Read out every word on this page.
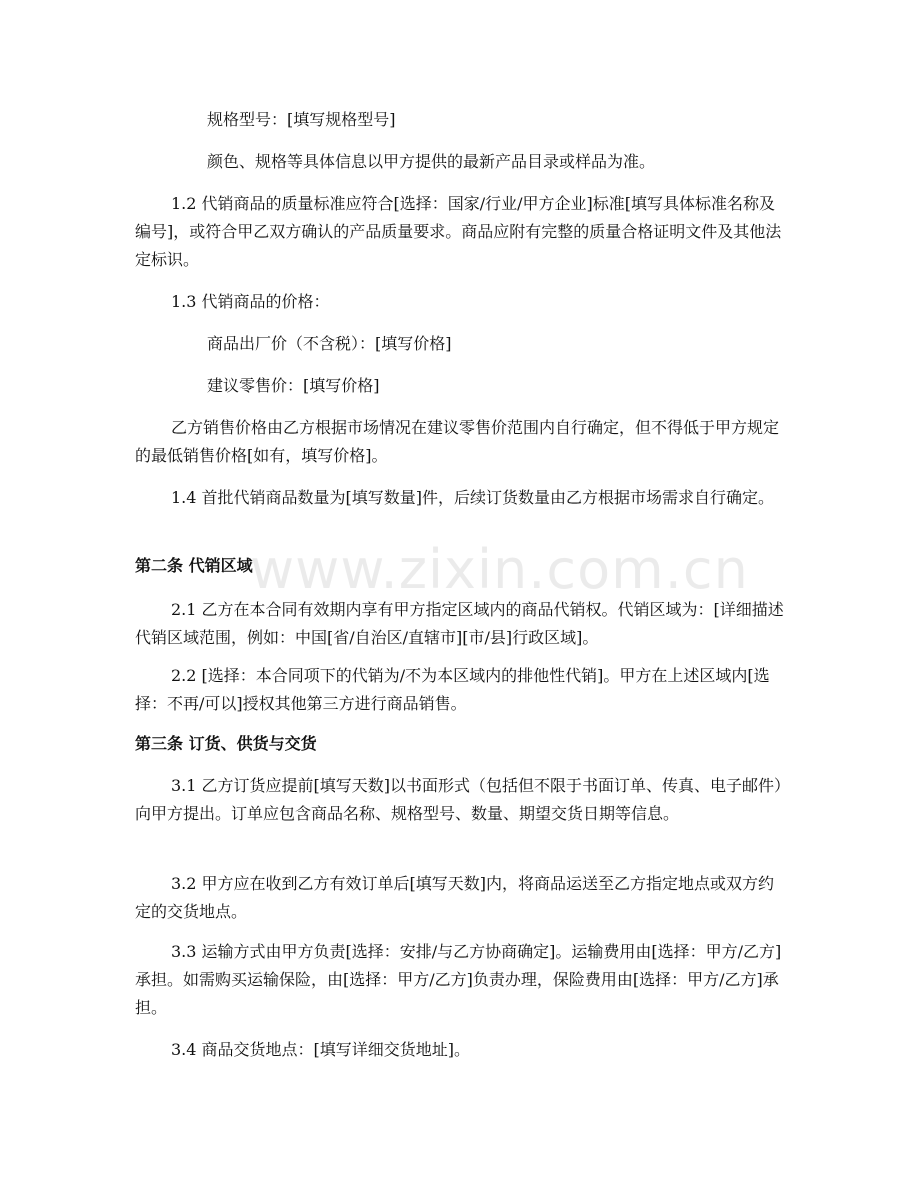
规格型号：[填写规格型号]

颜色、规格等具体信息以甲方提供的最新产品目录或样品为准。

1.2 代销商品的质量标准应符合[选择：国家/行业/甲方企业]标准[填写具体标准名称及编号]，或符合甲乙双方确认的产品质量要求。商品应附有完整的质量合格证明文件及其他法定标识。

1.3 代销商品的价格：

商品出厂价（不含税）：[填写价格]

建议零售价：[填写价格]

乙方销售价格由乙方根据市场情况在建议零售价范围内自行确定，但不得低于甲方规定的最低销售价格[如有，填写价格]。

1.4 首批代销商品数量为[填写数量]件，后续订货数量由乙方根据市场需求自行确定。

第二条 代销区域

2.1 乙方在本合同有效期内享有甲方指定区域内的商品代销权。代销区域为：[详细描述代销区域范围，例如：中国[省/自治区/直辖市][市/县]行政区域]。

2.2 [选择：本合同项下的代销为/不为本区域内的排他性代销]。甲方在上述区域内[选择：不再/可以]授权其他第三方进行商品销售。

第三条 订货、供货与交货

3.1 乙方订货应提前[填写天数]以书面形式（包括但不限于书面订单、传真、电子邮件）向甲方提出。订单应包含商品名称、规格型号、数量、期望交货日期等信息。

3.2 甲方应在收到乙方有效订单后[填写天数]内，将商品运送至乙方指定地点或双方约定的交货地点。

3.3 运输方式由甲方负责[选择：安排/与乙方协商确定]。运输费用由[选择：甲方/乙方]承担。如需购买运输保险，由[选择：甲方/乙方]负责办理，保险费用由[选择：甲方/乙方]承担。

3.4 商品交货地点：[填写详细交货地址]。

www.zixin.com.cn
